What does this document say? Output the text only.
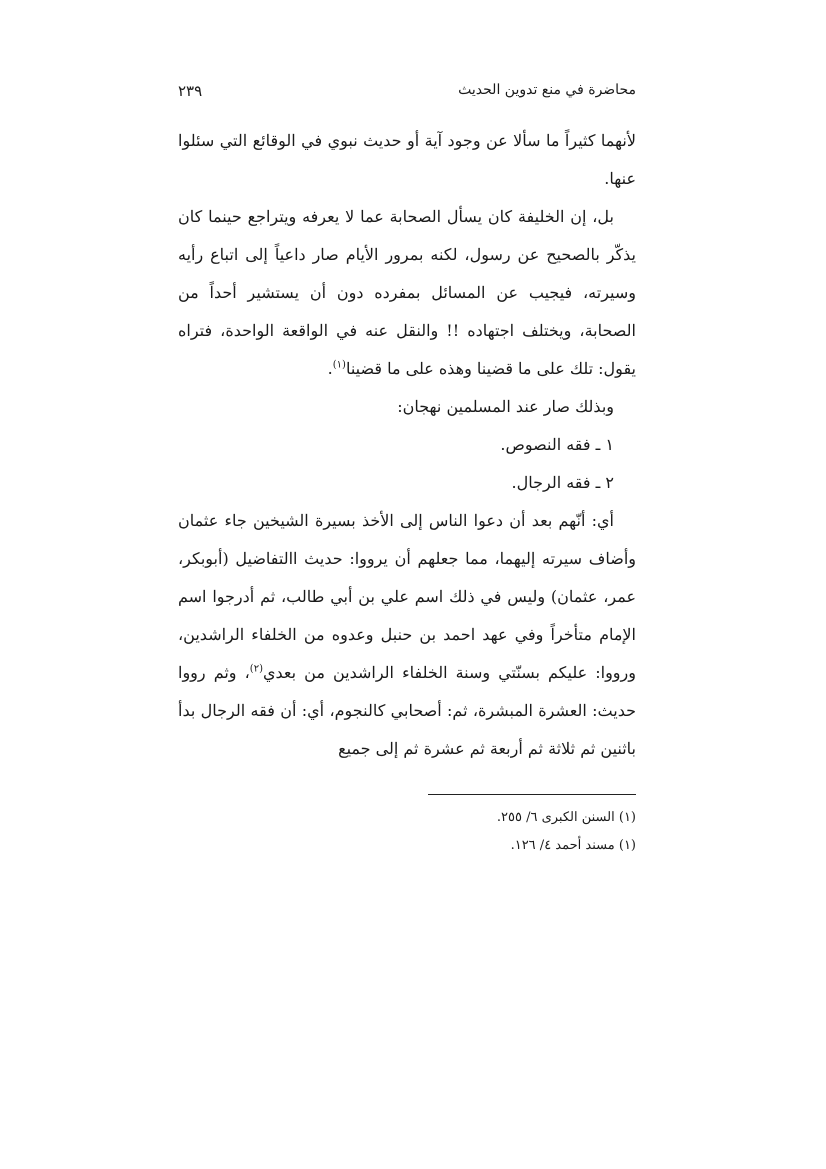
محاضرة في منع تدوين الحديث
٢٣٩

لأنهما كثيراً ما سألا عن وجود آية أو حديث نبوي في الوقائع التي سئلوا عنها.

بل، إن الخليفة كان يسأل الصحابة عما لا يعرفه ويتراجع حينما كان يذكّر بالصحيح عن رسول، لكنه بمرور الأيام صار داعياً إلى اتباع رأيه وسيرته، فيجيب عن المسائل بمفرده دون أن يستشير أحداً من الصحابة، ويختلف اجتهاده !! والنقل عنه في الواقعة الواحدة، فتراه يقول: تلك على ما قضينا وهذه على ما قضينا$^{(١)}$.

وبذلك صار عند المسلمين نهجان:

١ ـ فقه النصوص.

٢ ـ فقه الرجال.

أي: أنّهم بعد أن دعوا الناس إلى الأخذ بسيرة الشيخين جاء عثمان وأضاف سيرته إليهما، مما جعلهم أن يرووا: حديث االتفاضيل (أبوبكر، عمر، عثمان) وليس في ذلك اسم علي بن أبي طالب، ثم أدرجوا اسم الإمام متأخراً وفي عهد احمد بن حنبل وعدوه من الخلفاء الراشدين، ورووا: عليكم بسنّتي وسنة الخلفاء الراشدين من بعدي$^{(٢)}$، وثم رووا حديث: العشرة المبشرة، ثم: أصحابي كالنجوم، أي: أن فقه الرجال بدأ باثنين ثم ثلاثة ثم أربعة ثم عشرة ثم إلى جميع

(١) السنن الكبرى ٦/ ٢٥٥.

(١) مسند أحمد ٤/ ١٢٦.
